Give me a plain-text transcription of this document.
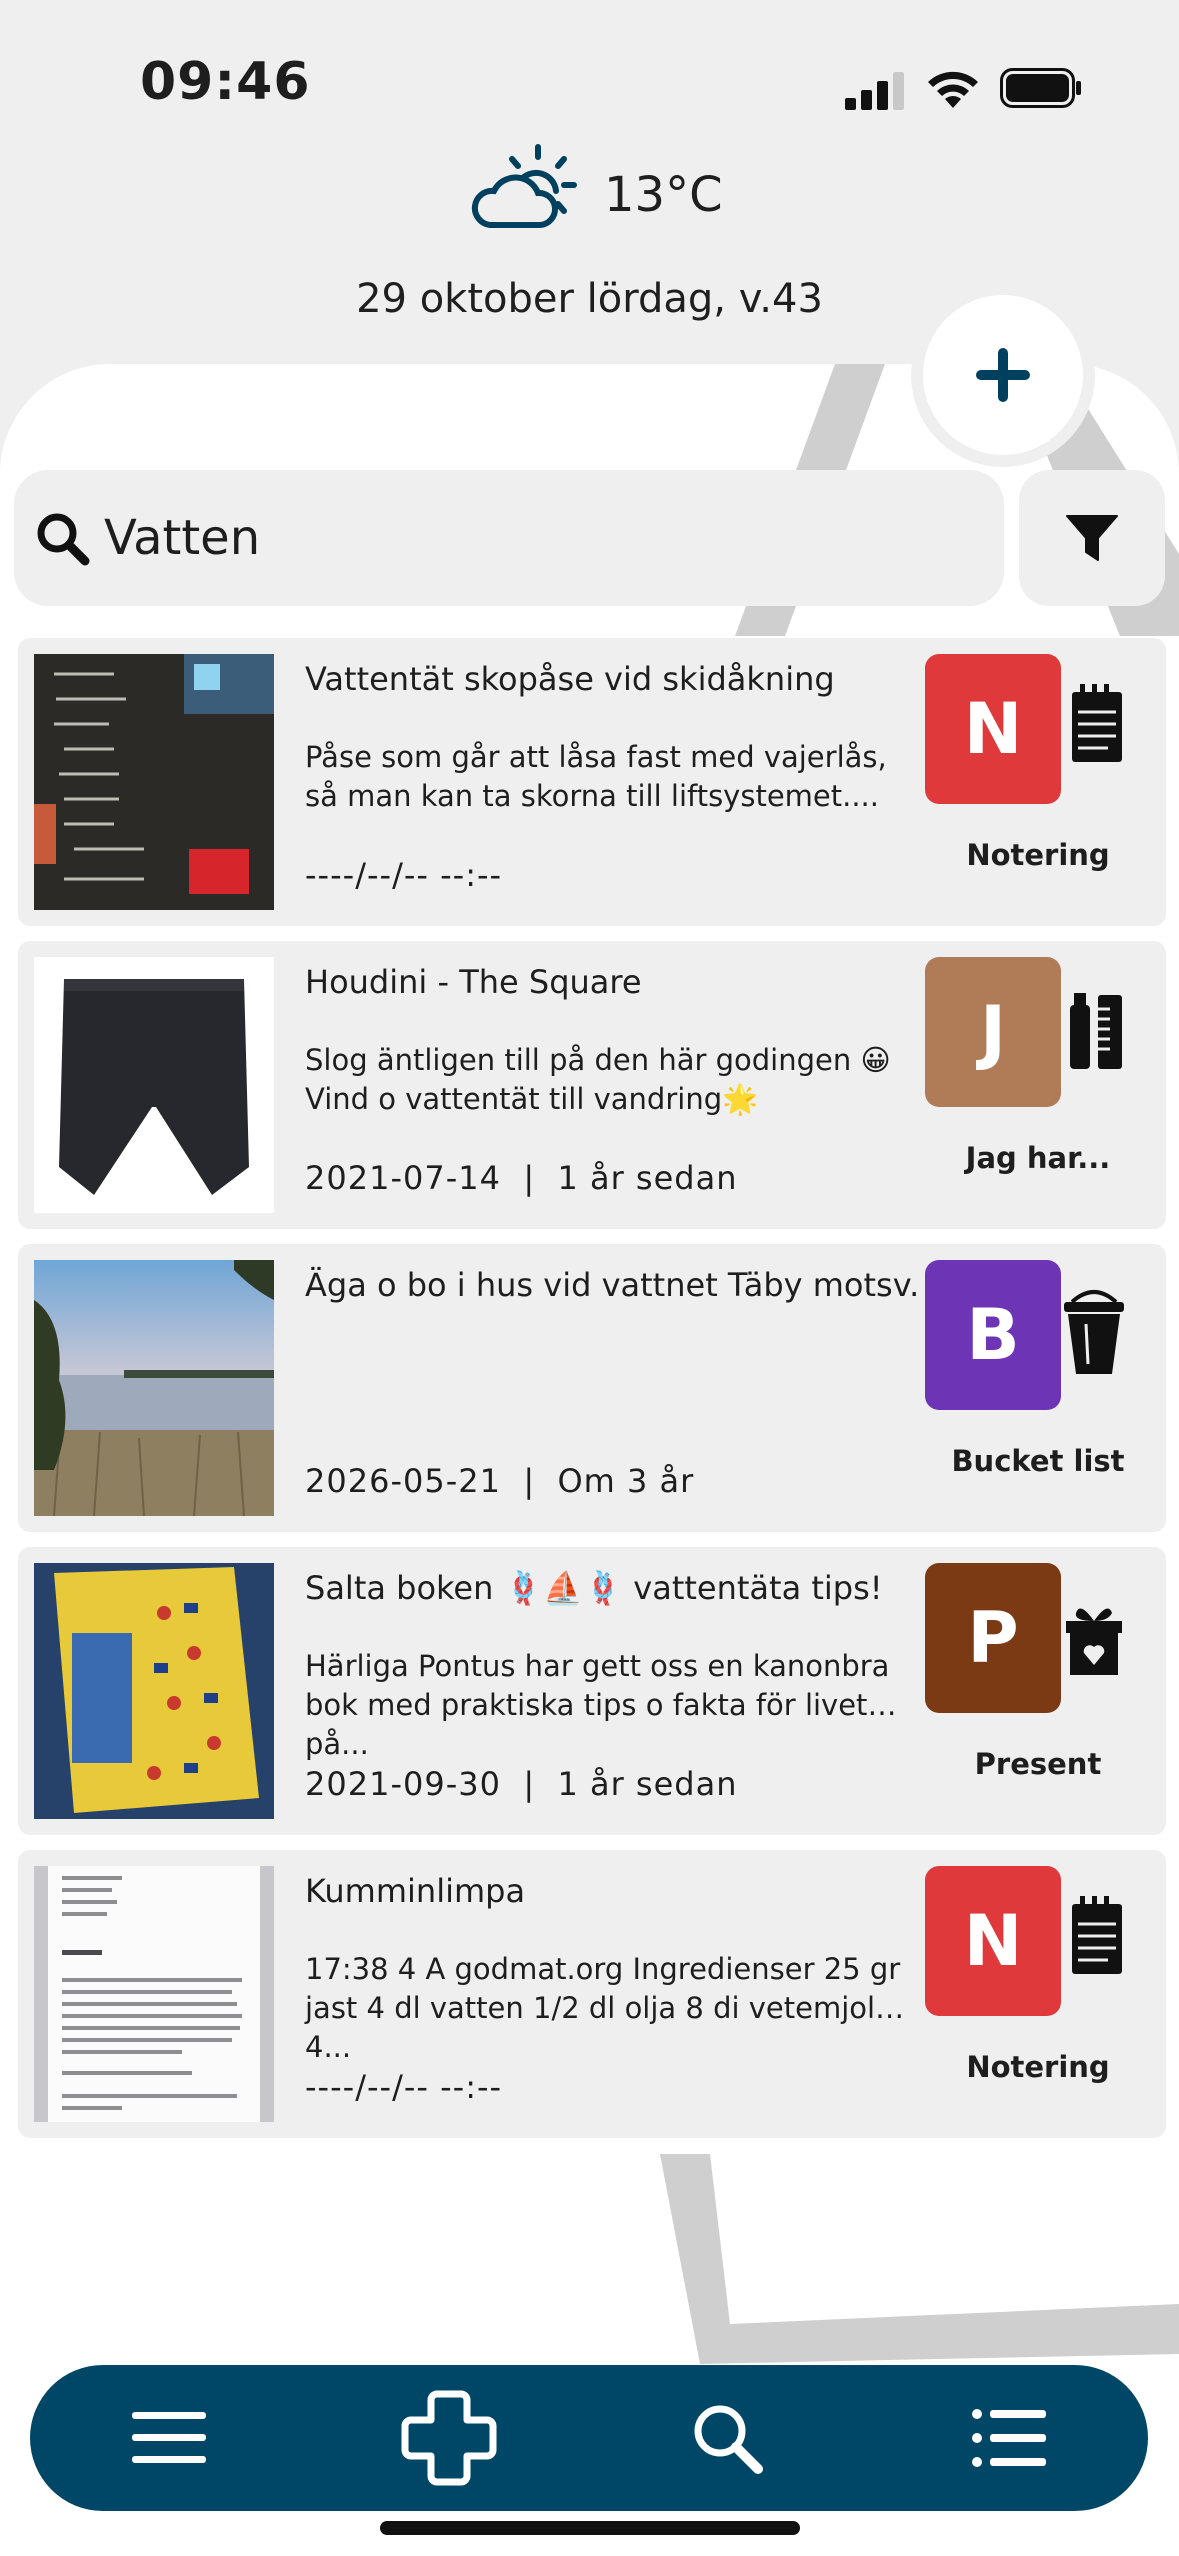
09:46
13°C
29 oktober lördag, v.43
Vatten
Vattentät skopåse vid skidåkning
Påse som går att låsa fast med vajerlås, så man kan ta skorna till liftsystemet....
----/--/-- --:--
N
Notering
Houdini - The Square
Slog äntligen till på den här godingen 😀 Vind o vattentät till vandring🌟
2021-07-14  |  1 år sedan
J
Jag har...
Äga o bo i hus vid vattnet Täby motsv.
2026-05-21  |  Om 3 år
B
Bucket list
Salta boken 🪢⛵🪢 vattentäta tips!
Härliga Pontus har gett oss en kanonbra bok med praktiska tips o fakta för livet på...
2021-09-30  |  1 år sedan
P
Present
Kumminlimpa
17:38 4 A godmat.org Ingredienser 25 gr jast 4 dl vatten 1/2 dl olja 8 di vetemjol 4...
----/--/-- --:--
N
Notering
